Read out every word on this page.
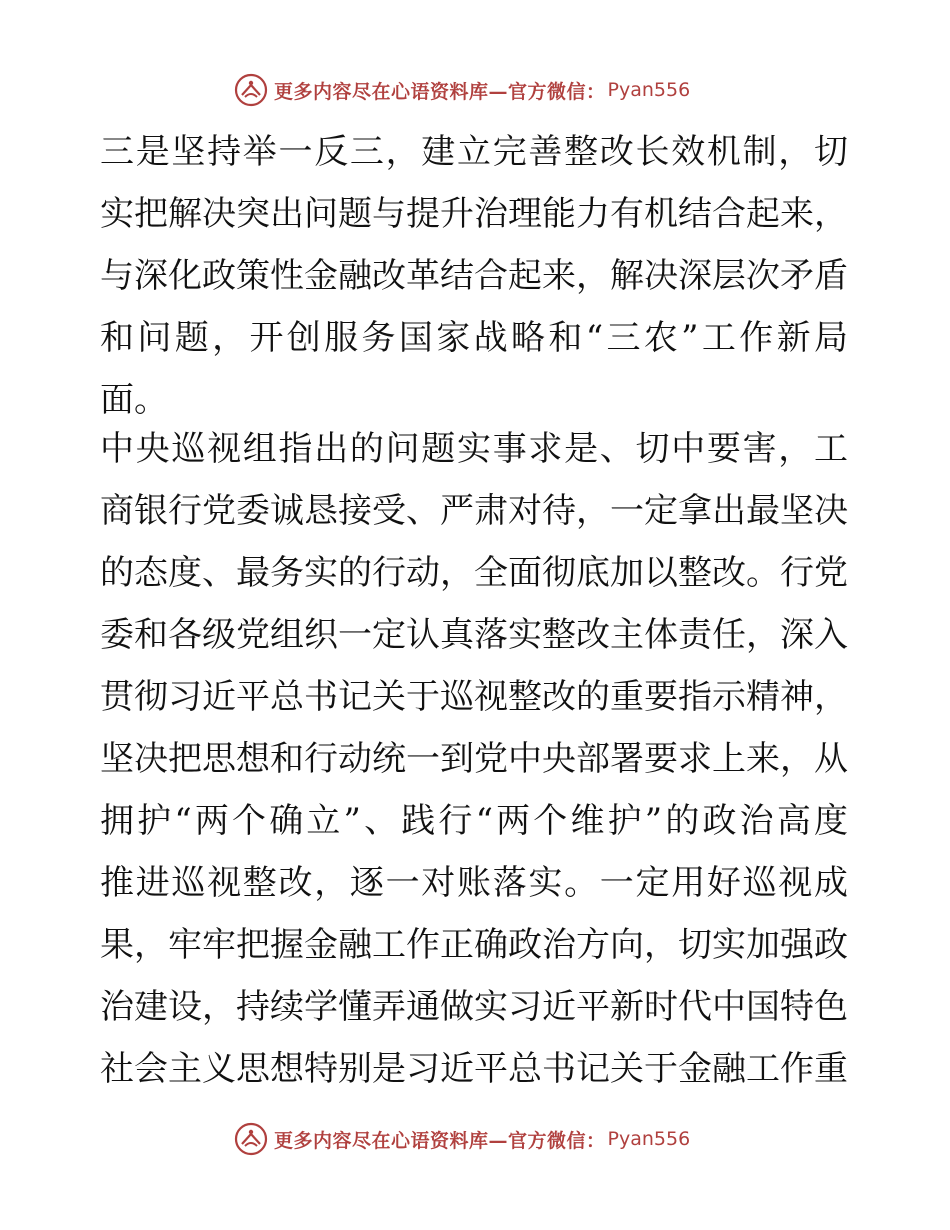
更多内容尽在心语资料库—官方微信： Pyan556
三是坚持举一反三，建立完善整改长效机制，切
实把解决突出问题与提升治理能力有机结合起来，
与深化政策性金融改革结合起来，解决深层次矛盾
和问题，开创服务国家战略和“三农”工作新局
面。
中央巡视组指出的问题实事求是、切中要害，工
商银行党委诚恳接受、严肃对待，一定拿出最坚决
的态度、最务实的行动，全面彻底加以整改。行党
委和各级党组织一定认真落实整改主体责任，深入
贯彻习近平总书记关于巡视整改的重要指示精神，
坚决把思想和行动统一到党中央部署要求上来，从
拥护“两个确立”、践行“两个维护”的政治高度
推进巡视整改，逐一对账落实。一定用好巡视成
果，牢牢把握金融工作正确政治方向，切实加强政
治建设，持续学懂弄通做实习近平新时代中国特色
社会主义思想特别是习近平总书记关于金融工作重
更多内容尽在心语资料库—官方微信： Pyan556
